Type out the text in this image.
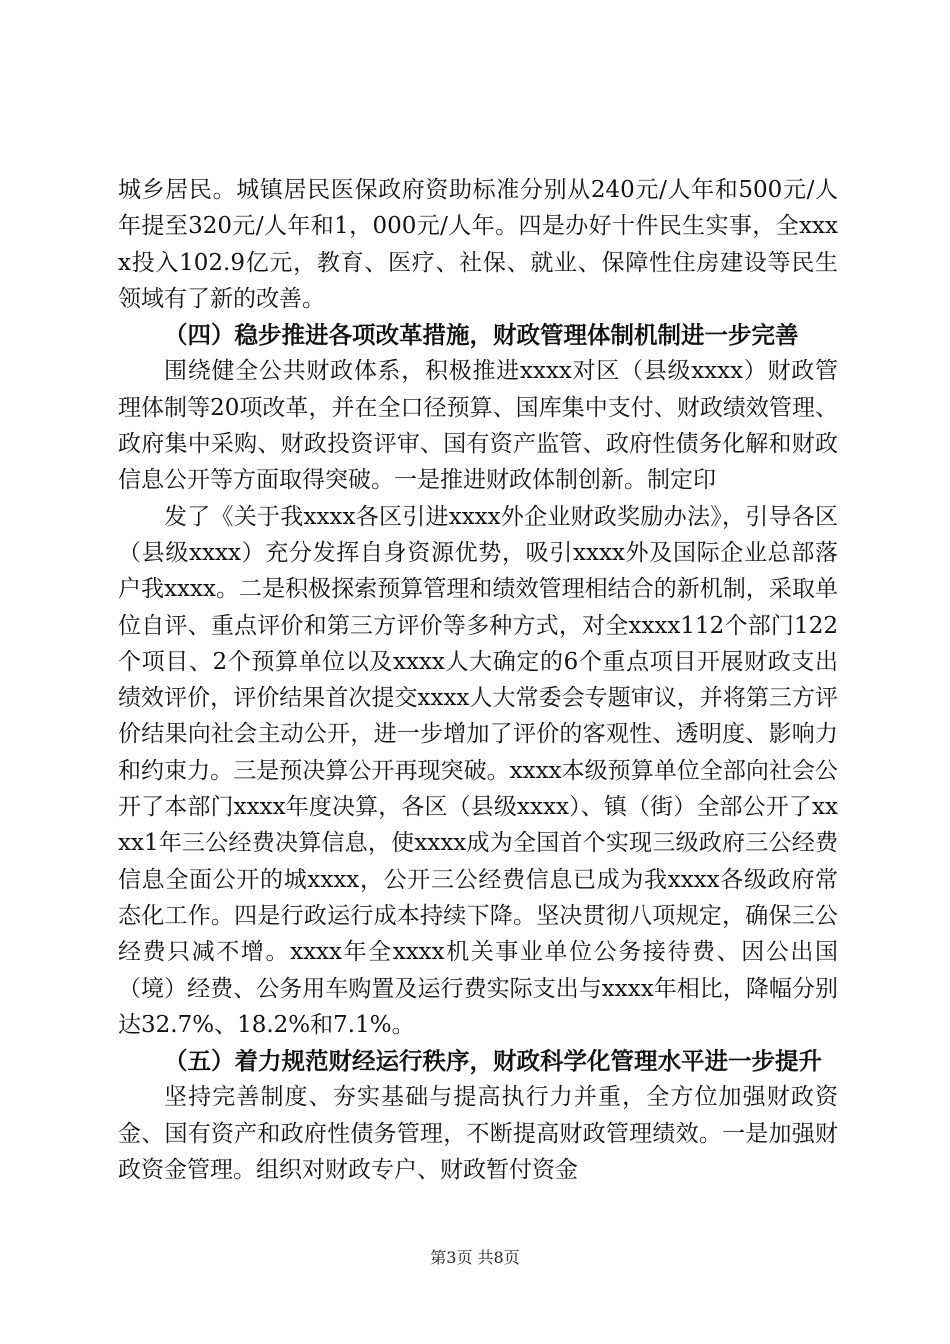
城乡居民。城镇居民医保政府资助标准分别从240元/人年和500元/人年提至320元/人年和1，000元/人年。四是办好十件民生实事，全xxxx投入102.9亿元，教育、医疗、社保、就业、保障性住房建设等民生领域有了新的改善。

（四）稳步推进各项改革措施，财政管理体制机制进一步完善

围绕健全公共财政体系，积极推进xxxx对区（县级xxxx）财政管理体制等20项改革，并在全口径预算、国库集中支付、财政绩效管理、政府集中采购、财政投资评审、国有资产监管、政府性债务化解和财政信息公开等方面取得突破。一是推进财政体制创新。制定印

发了《关于我xxxx各区引进xxxx外企业财政奖励办法》，引导各区（县级xxxx）充分发挥自身资源优势，吸引xxxx外及国际企业总部落户我xxxx。二是积极探索预算管理和绩效管理相结合的新机制，采取单位自评、重点评价和第三方评价等多种方式，对全xxxx112个部门122个项目、2个预算单位以及xxxx人大确定的6个重点项目开展财政支出绩效评价，评价结果首次提交xxxx人大常委会专题审议，并将第三方评价结果向社会主动公开，进一步增加了评价的客观性、透明度、影响力和约束力。三是预决算公开再现突破。xxxx本级预算单位全部向社会公开了本部门xxxx年度决算，各区（县级xxxx）、镇（街）全部公开了xxxx1年三公经费决算信息，使xxxx成为全国首个实现三级政府三公经费信息全面公开的城xxxx，公开三公经费信息已成为我xxxx各级政府常态化工作。四是行政运行成本持续下降。坚决贯彻八项规定，确保三公经费只减不增。xxxx年全xxxx机关事业单位公务接待费、因公出国（境）经费、公务用车购置及运行费实际支出与xxxx年相比，降幅分别达32.7%、18.2%和7.1%。

（五）着力规范财经运行秩序，财政科学化管理水平进一步提升

坚持完善制度、夯实基础与提高执行力并重，全方位加强财政资金、国有资产和政府性债务管理，不断提高财政管理绩效。一是加强财政资金管理。组织对财政专户、财政暂付资金

第3页 共8页
